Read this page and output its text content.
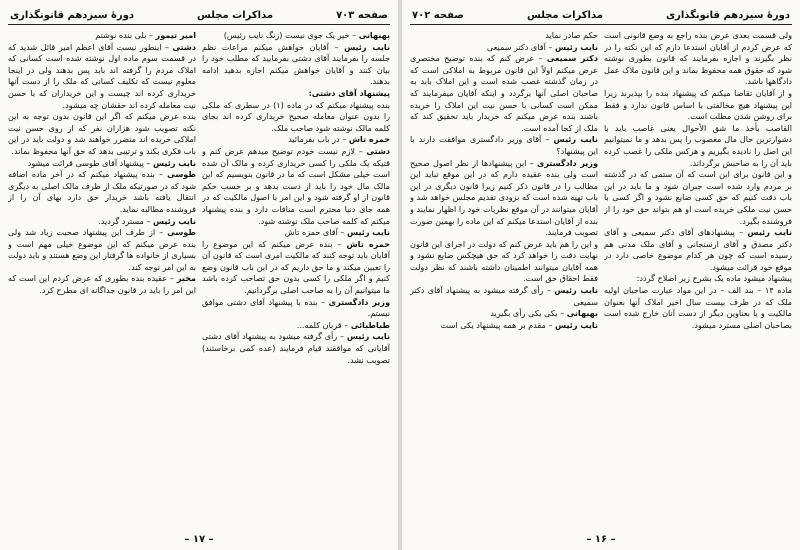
صفحه ۷۰۳
مذاکرات مجلس
دورهٔ سیزدهم قانونگذاری

بهبهانی – خیر یک جوی نیست (زنگ نایب رئیس)

نایب رئیس – آقایان خواهش میکنم مراعات نظم جلسه را بفرمایند آقای دشتی بفرمایید که مطلب خود را بیان کنند و آقایان خواهش میکنم اجازه بدهید ادامه بدهند.

پیشنهاد آقای دشتی:

بنده پیشنهاد میکنم که در ماده (۱) در سطری که ملکی را بدون عنوان معامله صحیح خریداری کرده اند بجای کلمه مالک نوشته شود صاحب ملک.

حمزه تاش – در باب بفرمائید

دشتی – لازم نیست خودم توضیح میدهم عرض کنم و قتیکه یک ملکی را کسی خریداری کرده و مالک آن شده است خیلی مشکل است که ما در قانون بنویسیم که این مالک مال خود را باید از دست بدهد و بر حسب حکم قانون از او گرفته شود و این امر با اصول مالکیت که در همه جای دنیا محترم است منافات دارد و بنده پیشنهاد میکنم که کلمه صاحب ملک نوشته شود.

نایب رئیس – آقای حمزه تاش

حمزه تاش – بنده عرض میکنم که این موضوع را آقایان باید توجه کنند که مالکیت امری است که قانون آن را تعیین میکند و ما حق داریم که در این باب قانون وضع کنیم و اگر ملکی را کسی بدون حق تصاحب کرده باشد ما میتوانیم آن را به صاحب اصلی برگردانیم.

وزیر دادگستری – بنده با پیشنهاد آقای دشتی موافق نیستم.

طباطبائی – قربان کلمه...

نایب رئیس – رأی گرفته میشود به پیشنهاد آقای دشتی آقایانی که موافقند قیام فرمایند (عده کمی برخاستند) تصویب نشد.

امیر تیمور – بلی بنده نوشتم

دشتی – اینطور نیست آقای اعظم امیر قائل شدید که در قسمت سوم ماده اول نوشته شده است کسانی که املاک مردم را گرفته اند باید پس بدهند ولی در اینجا معلوم نیست که تکلیف کسانی که ملک را از دست آنها خریداری کرده اند چیست و این خریداران که با حسن نیت معامله کرده اند حقشان چه میشود.

بنده عرض میکنم که اگر این قانون بدون توجه به این نکته تصویب شود هزاران نفر که از روی حسن نیت املاکی خریده اند متضرر خواهند شد و دولت باید در این باب فکری بکند و ترتیبی بدهد که حق آنها محفوظ بماند.

نایب رئیس – پیشنهاد آقای طوسی قرائت میشود

طوسی – بنده پیشنهاد میکنم که در آخر ماده اضافه شود که در صورتیکه ملک از طرف مالک اصلی به دیگری انتقال یافته باشد خریدار حق دارد بهای آن را از فروشنده مطالبه نماید.

نایب رئیس – مسترد گردید.

طوسی – از طرف این پیشنهاد صحبت زیاد شد ولی بنده عرض میکنم که این موضوع خیلی مهم است و بسیاری از خانواده ها گرفتار این وضع هستند و باید دولت به این امر توجه کند.

مخبر – عقیده بنده بطوری که عرض کردم این است که این امر را باید در قانون جداگانه ای مطرح کرد.

– ۱۷ –
دورهٔ سیزدهم قانونگذاری
مذاکرات مجلس
صفحه ۷۰۲

ولی قسمت بعدی عرض بنده راجع به وضع قانونی است که عرض کردم از آقایان استدعا دارم که این نکته را در نظر بگیرند و اجازه بفرمایند که قانون بطوری نوشته شود که حقوق همه محفوظ بماند و این قانون ملاک عمل دادگاهها باشد.

و از آقایان تقاضا میکنم که پیشنهاد بنده را بپذیرند زیرا این پیشنهاد هیچ مخالفتی با اساس قانون ندارد و فقط برای روشن شدن مطلب است.

القاصب بأخذ ما شق الأحوال یعنی غاصب باید با دشوارترین حال مال مغصوب را پس بدهد و ما نمیتوانیم این اصل را نادیده بگیریم و هرکس ملکی را غصب کرده باید آن را به صاحبش برگرداند.

و این قانون برای این است که آن ستمی که در گذشته بر مردم وارد شده است جبران شود و ما باید در این باب دقت کنیم که حق کسی ضایع نشود و اگر کسی با حسن نیت ملکی خریده است او هم بتواند حق خود را از فروشنده بگیرد.

نایب رئیس – پیشنهادهای آقای دکتر سمیعی و آقای دکتر مصدق و آقای ارسنجانی و آقای ملک مدنی هم رسیده است که چون هر کدام موضوع خاصی دارد در موقع خود قرائت میشود.

پیشنهاد میشود ماده یک بشرح زیر اصلاح گردد:

ماده ۱۴ – بند الف – در این مواد عبارت صاحبان اولیه ملک که در ظرف بیست سال اخیر املاک آنها بعنوان مالکیت و یا بعناوین دیگر از دست آنان خارج شده است بصاحبان اصلی مسترد میشود.

حکم صادر نماید

نایب رئیس – آقای دکتر سمیعی

دکتر سمیعی – عرض کنم که بنده توضیح مختصری عرض میکنم اولاً این قانون مربوط به املاکی است که در زمان گذشته غصب شده است و این املاک باید به صاحبان اصلی آنها برگردد و اینکه آقایان میفرمایند که ممکن است کسانی با حسن نیت این املاک را خریده باشند بنده عرض میکنم که خریدار باید تحقیق کند که ملک از کجا آمده است.

نایب رئیس – آقای وزیر دادگستری موافقت دارند با این پیشنهاد؟

وزیر دادگستری – این پیشنهادها از نظر اصول صحیح است ولی بنده عقیده دارم که در این موقع نباید این مطالب را در قانون ذکر کنیم زیرا قانون دیگری در این باب تهیه شده است که بزودی تقدیم مجلس خواهد شد و آقایان میتوانند در آن موقع نظریات خود را اظهار نمایند و بنده از آقایان استدعا میکنم که این ماده را بهمین صورت تصویب فرمایند.

و این را هم باید عرض کنم که دولت در اجرای این قانون نهایت دقت را خواهد کرد که حق هیچکس ضایع نشود و همه آقایان میتوانند اطمینان داشته باشند که نظر دولت فقط احقاق حق است.

نایب رئیس – رأی گرفته میشود به پیشنهاد آقای دکتر سمیعی

بهبهانی – یکی یکی رأی بگیرید

نایب رئیس – مقدم بر همه پیشنهاد یکی است

– ۱۶ –
